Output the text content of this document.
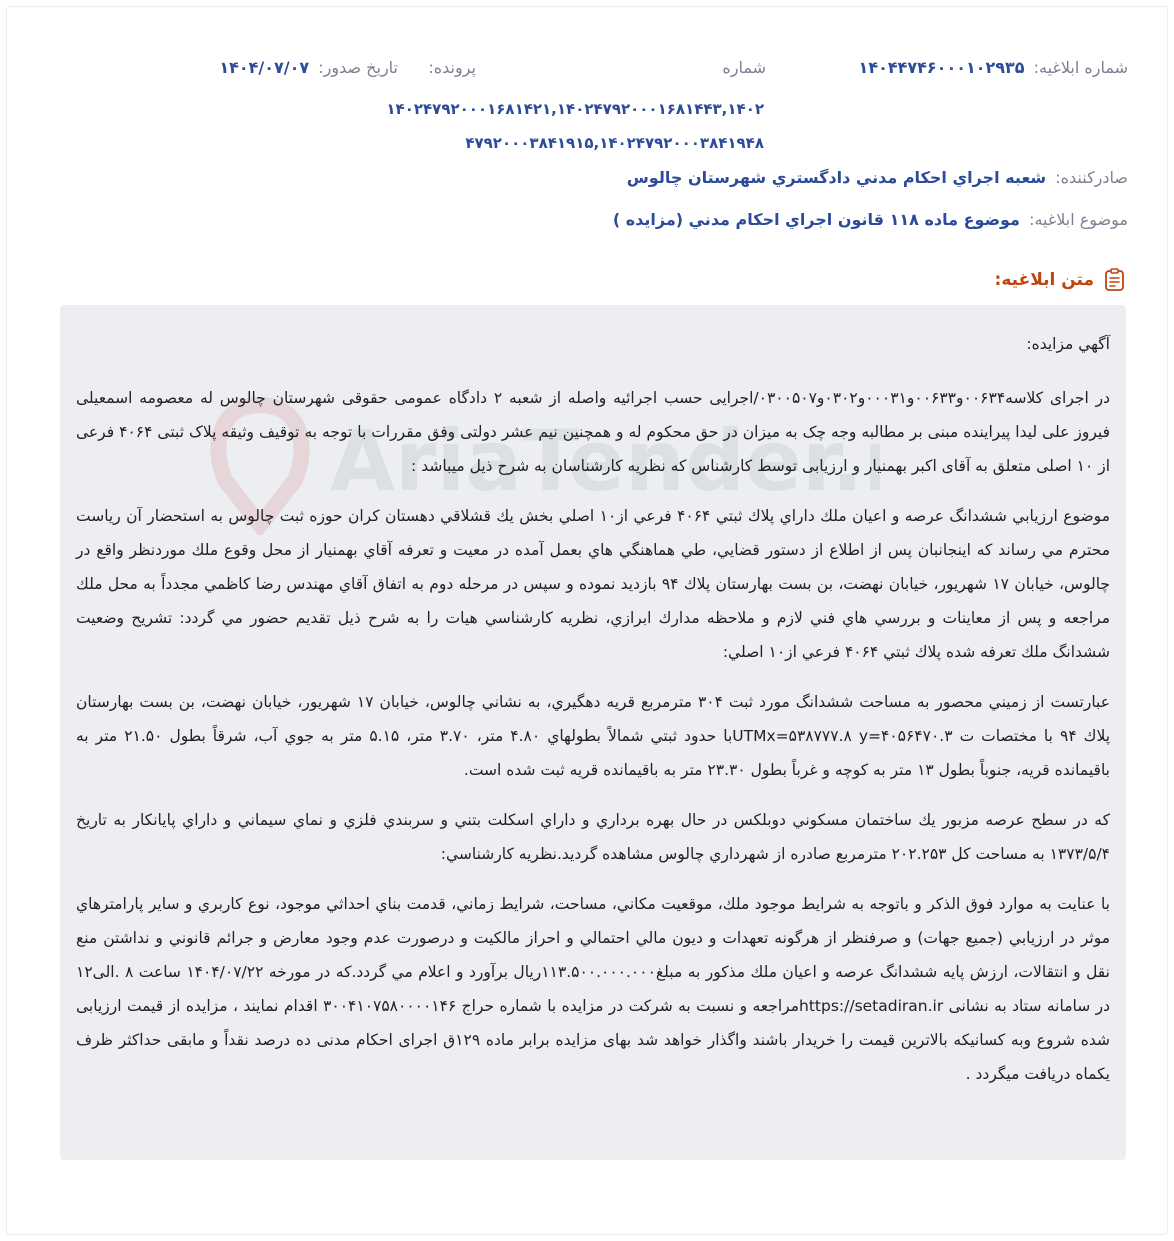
شماره ابلاغيه: ۱۴۰۴۴۷۴۶۰۰۰۱۰۲۹۳۵
شماره
پرونده:
تاريخ صدور: ۱۴۰۴/۰۷/۰۷
۱۴۰۲۴۷۹۲۰۰۰۱۶۸۱۴۲۱,۱۴۰۲۴۷۹۲۰۰۰۱۶۸۱۴۴۳,۱۴۰۲
۴۷۹۲۰۰۰۳۸۴۱۹۱۵,۱۴۰۲۴۷۹۲۰۰۰۳۸۴۱۹۴۸
صادرکننده: شعبه اجراي احکام مدني دادگستري شهرستان چالوس
موضوع ابلاغيه: موضوع ماده ۱۱۸ قانون اجراي احکام مدني (مزايده )
متن ابلاغيه:
AriaTender.

آگهي مزايده:

در اجرای کلاسه۰۰۶۳۴و۰۰۶۳۳و۰۰۰۳۱و۰۳۰۲و۰۳۰۰۵۰۷/اجرایی حسب اجرائیه واصله از شعبه ۲ دادگاه عمومی حقوقی شهرستان چالوس له معصومه اسمعیلی فیروز علی لیدا پیراینده مبنی بر مطالبه وجه چک به میزان در حق محکوم له و همچنین نیم عشر دولتی وفق مقررات با توجه به توقیف وثیقه پلاک ثبتی ۴۰۶۴ فرعی از ۱۰ اصلی متعلق به آقای اکبر بهمنیار و ارزیابی توسط کارشناس که نظریه کارشناسان به شرح ذیل میباشد :

موضوع ارزيابي ششدانگ عرصه و اعيان ملك داراي پلاك ثبتي ۴۰۶۴ فرعي از۱۰ اصلي بخش يك قشلاقي دهستان كران حوزه ثبت چالوس به استحضار آن رياست محترم مي رساند كه اينجانبان پس از اطلاع از دستور قضايي، طي هماهنگي هاي بعمل آمده در معيت و تعرفه آقاي بهمنيار از محل وقوع ملك موردنظر واقع در چالوس، خيابان ۱۷ شهريور، خيابان نهضت، بن بست بهارستان پلاك ۹۴ بازديد نموده و سپس در مرحله دوم به اتفاق آقاي مهندس رضا كاظمي مجدداً به محل ملك مراجعه و پس از معاينات و بررسي هاي فني لازم و ملاحظه مدارك ابرازي، نظريه كارشناسي هيات را به شرح ذيل تقديم حضور مي گردد: تشريح وضعيت ششدانگ ملك تعرفه شده پلاك ثبتي ۴۰۶۴ فرعي از۱۰ اصلي:

عبارتست از زميني محصور به مساحت ششدانگ مورد ثبت ۳۰۴ مترمربع قريه دهگيري، به نشاني چالوس، خيابان ۱۷ شهريور، خيابان نهضت، بن بست بهارستان پلاك ۹۴ با مختصات ت UTMx=۵۳۸۷۷۷.۸ y=۴۰۵۶۴۷۰.۳با حدود ثبتي شمالاً بطولهاي ۴.۸۰ متر، ۳.۷۰ متر، ۵.۱۵ متر به جوي آب، شرقاً بطول ۲۱.۵۰ متر به باقيمانده قريه، جنوباً بطول ۱۳ متر به كوچه و غرباً بطول ۲۳.۳۰ متر به باقيمانده قريه ثبت شده است.

كه در سطح عرصه مزبور يك ساختمان مسكوني دوبلكس در حال بهره برداري و داراي اسكلت بتني و سربندي فلزي و نماي سيماني و داراي پايانكار به تاريخ ۱۳۷۳/۵/۴ به مساحت كل ۲۰۲.۲۵۳ مترمربع صادره از شهرداري چالوس مشاهده گرديد.نظريه كارشناسي:

با عنايت به موارد فوق الذكر و باتوجه به شرايط موجود ملك، موقعيت مكاني، مساحت، شرايط زماني، قدمت بناي احداثي موجود، نوع كاربري و ساير پارامترهاي موثر در ارزيابي (جميع جهات) و صرفنظر از هرگونه تعهدات و ديون مالي احتمالي و احراز مالكيت و درصورت عدم وجود معارض و جرائم قانوني و نداشتن منع نقل و انتقالات، ارزش پايه ششدانگ عرصه و اعيان ملك مذكور به مبلغ۱۱۳.۵۰۰.۰۰۰.۰۰۰ريال برآورد و اعلام مي گردد.كه در مورخه ۱۴۰۴/۰۷/۲۲ ساعت ۸ .الی۱۲ در سامانه ستاد به نشانی https://setadiran.irمراجعه و نسبت به شرکت در مزایده با شماره حراج ۳۰۰۴۱۰۷۵۸۰۰۰۰۱۴۶ اقدام نمایند ، مزایده از قیمت ارزیابی شده شروع وبه کسانیکه بالاترین قیمت را خریدار باشند واگذار خواهد شد بهای مزایده برابر ماده ۱۲۹ق اجرای احکام مدنی ده درصد نقداً و مابقی حداکثر ظرف یکماه دریافت میگردد .
